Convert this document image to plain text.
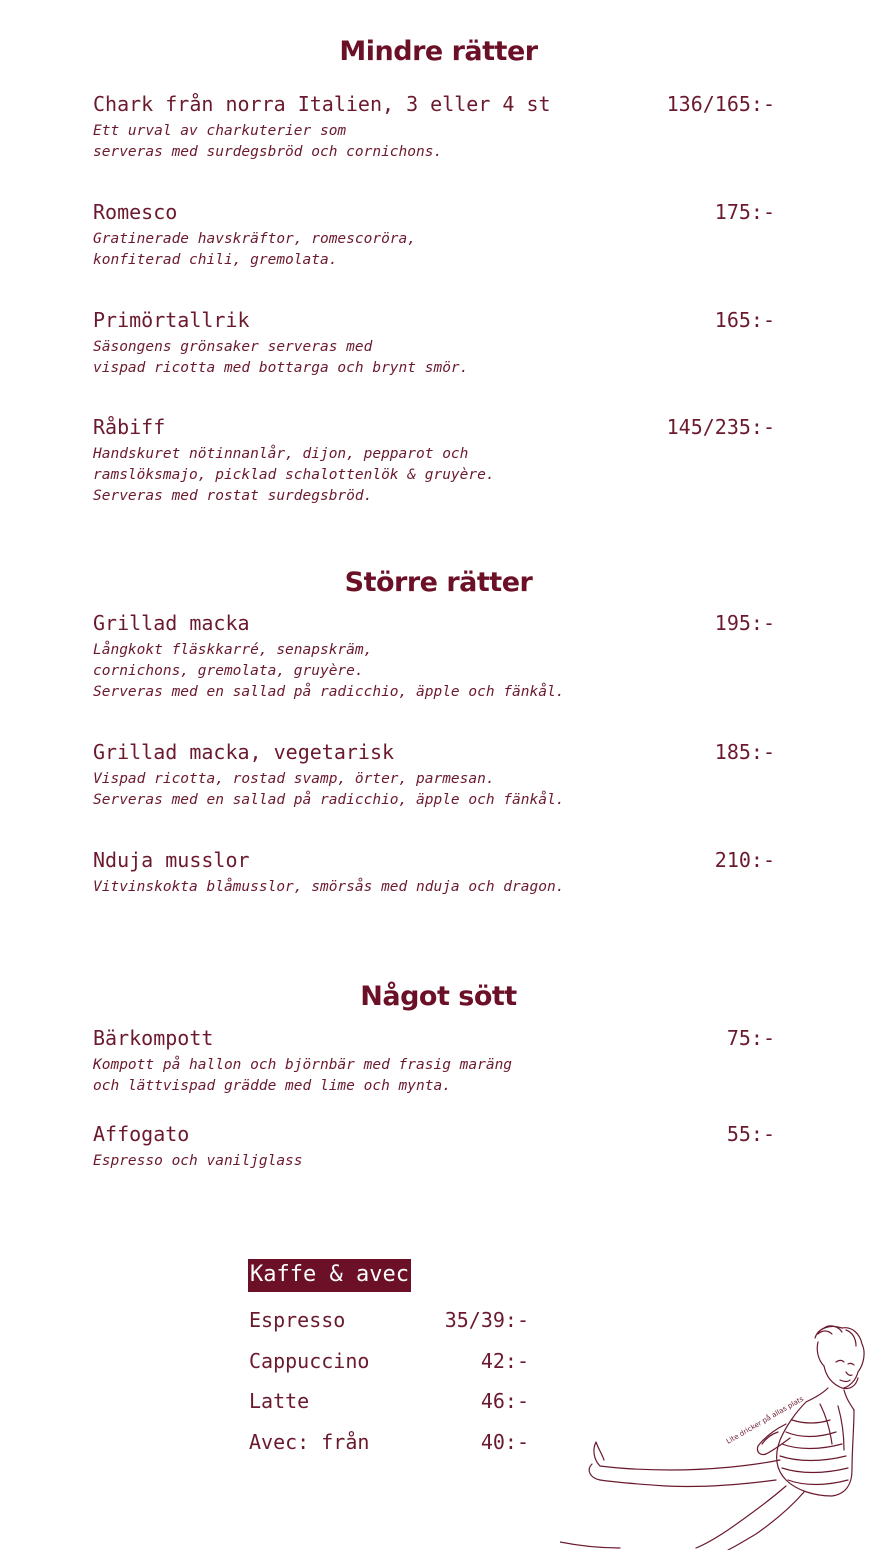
Mindre rätter
Chark från norra Italien, 3 eller 4 st	136/165:-
Ett urval av charkuterier som
serveras med surdegsbröd och cornichons.
Romesco	175:-
Gratinerade havskräftor, romescoröra,
konfiterad chili, gremolata.
Primörtallrik	165:-
Säsongens grönsaker serveras med
vispad ricotta med bottarga och brynt smör.
Råbiff	145/235:-
Handskuret nötinnanlår, dijon, pepparot och
ramslöksmajo, picklad schalottenlök & gruyère.
Serveras med rostat surdegsbröd.
Större rätter
Grillad macka	195:-
Långkokt fläskkarré, senapskräm,
cornichons, gremolata, gruyère.
Serveras med en sallad på radicchio, äpple och fänkål.
Grillad macka, vegetarisk	185:-
Vispad ricotta, rostad svamp, örter, parmesan.
Serveras med en sallad på radicchio, äpple och fänkål.
Nduja musslor	210:-
Vitvinskokta blåmusslor, smörsås med nduja och dragon.
Något sött
Bärkompott	75:-
Kompott på hallon och björnbär med frasig maräng
och lättvispad grädde med lime och mynta.
Affogato	55:-
Espresso och vaniljglass
Kaffe & avec
Espresso	35/39:-
Cappuccino	42:-
Latte	46:-
Avec: från	40:-	Lite dricker på allas plats
